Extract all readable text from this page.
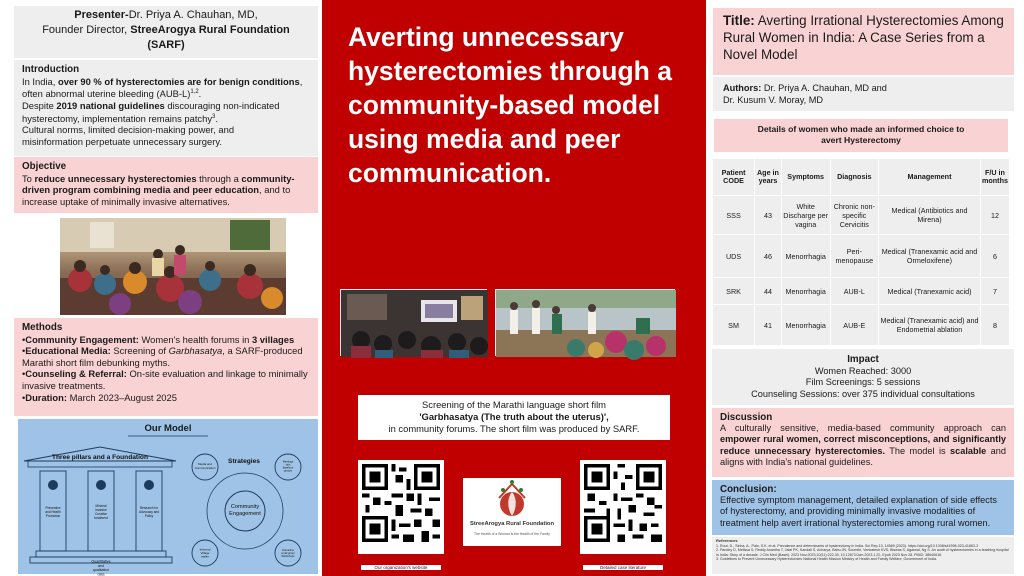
Presenter-Dr. Priya A. Chauhan, MD,
Founder Director, StreeArogya Rural Foundation
(SARF)
Introduction
In India, over 90 % of hysterectomies are for benign conditions,
often abnormal uterine bleeding $(AUB-L)^{1,2}$.
Despite 2019 national guidelines discouraging non-indicated
hysterectomy, implementation remains patchy$^3$.
Cultural norms, limited decision-making power, and
misinformation perpetuate unnecessary surgery.
Objective
To reduce unnecessary hysterectomies through a community-driven program combining media and peer education, and to increase uptake of minimally invasive alternatives.
Methods
•Community Engagement: Women's health forums in 3 villages
•Educational Media: Screening of Garbhasatya, a SARF-produced Marathi short film debunking myths.
•Counseling & Referral: On-site evaluation and linkage to minimally invasive treatments.
•Duration: March 2023–August 2025
Our Model
Three pillars and a Foundation
Preventive and Health Promotion
Minimal invasive Curative treatment
Research for Advocacy and Policy
Quantitative and qualitative data
Strategies
Community
Engagement
Media and Communication
Meetings with Barefoot/ groups
Informal Village walks
Interactive small group Workshops
Averting unnecessary hysterectomies through a community-based model using media and peer communication.
Screening of the Marathi language short film
'Garbhasatya (The truth about the uterus)',
in community forums. The short film was produced by SARF.
Our organization's website
StreeArogya Rural Foundation
The Health of a Woman is the Health of the Family
Detailed case literature
Title: Averting Irrational Hysterectomies Among Rural Women in India: A Case Series from a Novel Model
Authors: Dr. Priya A. Chauhan, MD and
Dr. Kusum V. Moray, MD
Details of women who made an informed choice to
avert Hysterectomy
Patient CODE	Age in years	Symptoms	Diagnosis	Management	F/U in months
SSS	43	White Discharge per vagina	Chronic non-specific Cervicitis	Medical (Antibiotics and Mirena)	12
UDS	46	Menorrhagia	Peri-menopause	Medical (Tranexamic acid and Ormeloxifene)	6
SRK	44	Menorrhagia	AUB-L	Medical (Tranexamic acid)	7
SM	41	Menorrhagia	AUB-E	Medical (Tranexamic acid) and Endometrial ablation	8
Impact
Women Reached: 3000
Film Screenings: 5 sessions
Counseling Sessions: over 375 individual consultations
Discussion
A culturally sensitive, media-based community approach can empower rural women, correct misconceptions, and significantly reduce unnecessary hysterectomies. The model is scalable and aligns with India's national guidelines.
Conclusion:
Effective symptom management, detailed explanation of side effects of hysterectomy, and providing minimally invasive modalities of treatment help avert irrational hysterectomies among rural women.
References
1. Rout, D., Sinha, A., Palo, S.K. et al. Prevalence and determinants of hysterectomy in India. Sci Rep 13, 14569 (2023). https://doi.org/10.1038/s41598-023-41863-3
2. Pandey D, Melissa S, Reddy Anantha T, Jalal PK, Kandali S, Acharya, Babu JN, Soumitri, Venkatesh KVS, Biswas S, Agarwal, Ng S. An audit of hysterectomies in a teaching hospital in India: Story of a decade. J Clin Med (Basel). 2023 Nov;2023;10(11):222-30, 10.12872/Jcm.2023.1.22, Epub 2023 Nov 28. PMID: 38640616.
3. Guidelines to Prevent Unnecessary Hysterectomies National Health Mission Ministry of Health and Family Welfare, Government of India.
